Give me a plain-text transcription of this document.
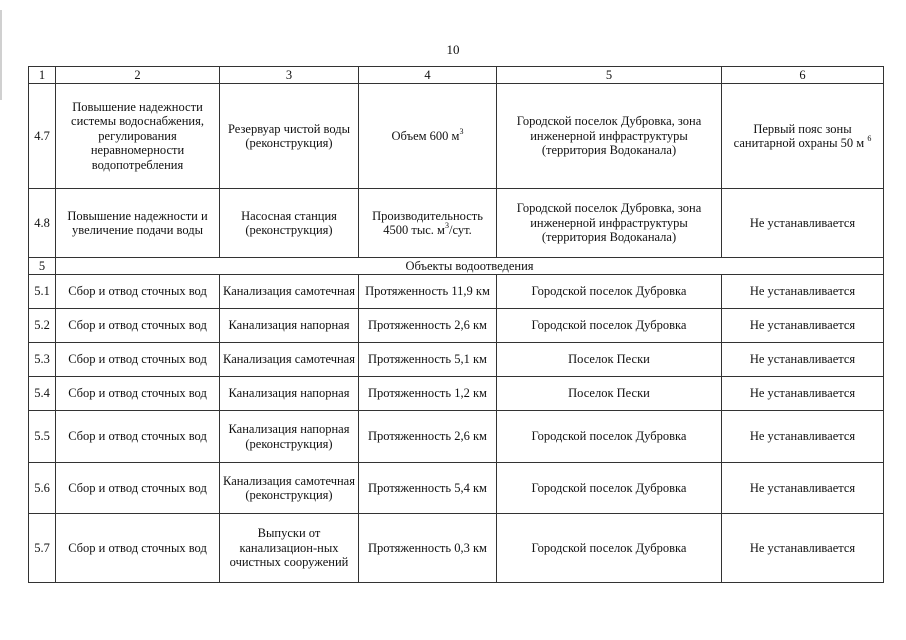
10
1	2	3	4	5	6
4.7	Повышение надежности системы водоснабжения, регулирования неравномерности водопотребления	Резервуар чистой воды (реконструкция)	Объем 600 $м^3$	Городской поселок Дубровка, зона инженерной инфраструктуры (территория Водоканала)	Первый пояс зоны санитарной охраны 50 м $^6$
4.8	Повышение надежности и увеличение подачи воды	Насосная станция (реконструкция)	Производительность 4500 тыс. $м^3$/сут.	Городской поселок Дубровка, зона инженерной инфраструктуры (территория Водоканала)	Не устанавливается
5	Объекты водоотведения				
5.1	Сбор и отвод сточных вод	Канализация самотечная	Протяженность 11,9 км	Городской поселок Дубровка	Не устанавливается
5.2	Сбор и отвод сточных вод	Канализация напорная	Протяженность 2,6 км	Городской поселок Дубровка	Не устанавливается
5.3	Сбор и отвод сточных вод	Канализация самотечная	Протяженность 5,1 км	Поселок Пески	Не устанавливается
5.4	Сбор и отвод сточных вод	Канализация напорная	Протяженность 1,2 км	Поселок Пески	Не устанавливается
5.5	Сбор и отвод сточных вод	Канализация напорная (реконструкция)	Протяженность 2,6 км	Городской поселок Дубровка	Не устанавливается
5.6	Сбор и отвод сточных вод	Канализация самотечная (реконструкция)	Протяженность 5,4 км	Городской поселок Дубровка	Не устанавливается
5.7	Сбор и отвод сточных вод	Выпуски от канализацион-ных очистных сооружений	Протяженность 0,3 км	Городской поселок Дубровка	Не устанавливается
